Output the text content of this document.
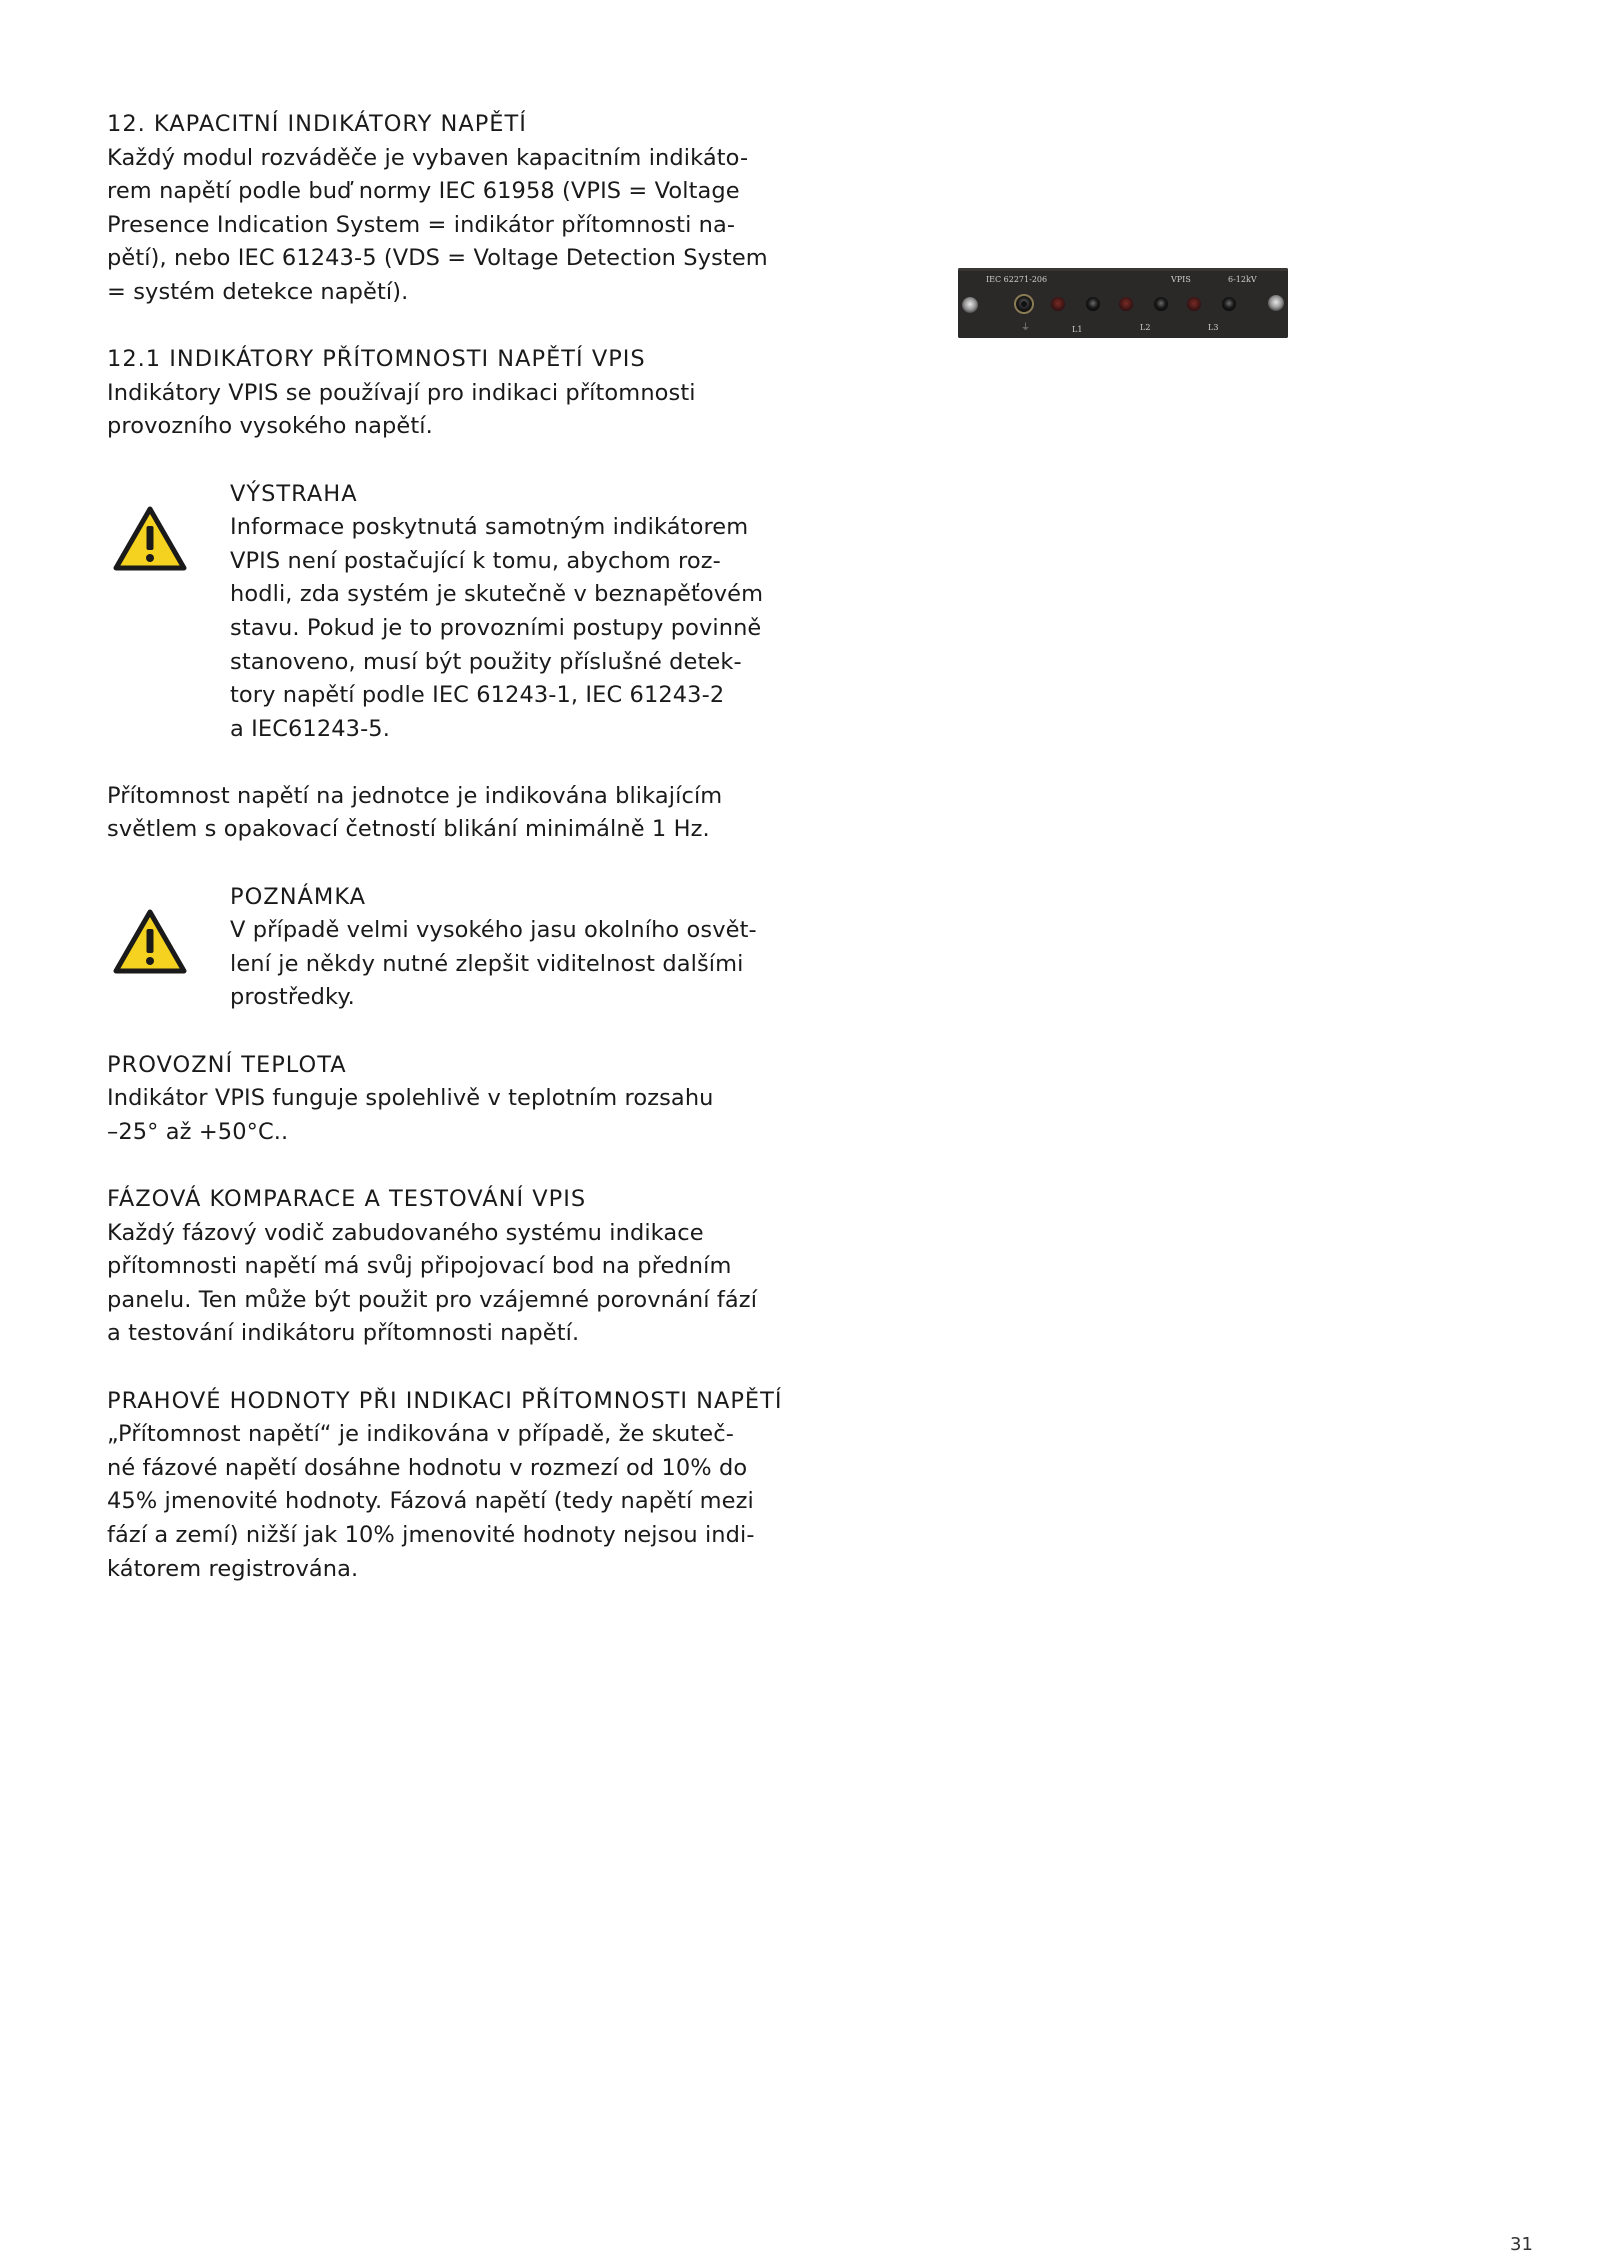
12. KAPACITNÍ INDIKÁTORY NAPĚTÍ

Každý modul rozváděče je vybaven kapacitním indikáto-

rem napětí podle buď normy IEC 61958 (VPIS = Voltage

Presence Indication System = indikátor přítomnosti na-

pětí), nebo IEC 61243-5 (VDS = Voltage Detection System

= systém detekce napětí).

12.1 INDIKÁTORY PŘÍTOMNOSTI NAPĚTÍ VPIS

Indikátory VPIS se používají pro indikaci přítomnosti

provozního vysokého napětí.

VÝSTRAHA

Informace poskytnutá samotným indikátorem

VPIS není postačující k tomu, abychom roz-

hodli, zda systém je skutečně v beznapěťovém

stavu. Pokud je to provozními postupy povinně

stanoveno, musí být použity příslušné detek-

tory napětí podle IEC 61243-1, IEC 61243-2

a IEC61243-5.

Přítomnost napětí na jednotce je indikována blikajícím

světlem s opakovací četností blikání minimálně 1 Hz.

POZNÁMKA

V případě velmi vysokého jasu okolního osvět-

lení je někdy nutné zlepšit viditelnost dalšími

prostředky.

PROVOZNÍ TEPLOTA

Indikátor VPIS funguje spolehlivě v teplotním rozsahu

–25° až +50°C..

FÁZOVÁ KOMPARACE A TESTOVÁNÍ VPIS

Každý fázový vodič zabudovaného systému indikace

přítomnosti napětí má svůj připojovací bod na předním

panelu. Ten může být použit pro vzájemné porovnání fází

a testování indikátoru přítomnosti napětí.

PRAHOVÉ HODNOTY PŘI INDIKACI PŘÍTOMNOSTI NAPĚTÍ

„Přítomnost napětí“ je indikována v případě, že skuteč-

né fázové napětí dosáhne hodnotu v rozmezí od 10% do

45% jmenovité hodnoty. Fázová napětí (tedy napětí mezi

fází a zemí) nižší jak 10% jmenovité hodnoty nejsou indi-

kátorem registrována.

IEC 62271-206	VPIS	6-12kV
⏚	L1	L2	L3
31
